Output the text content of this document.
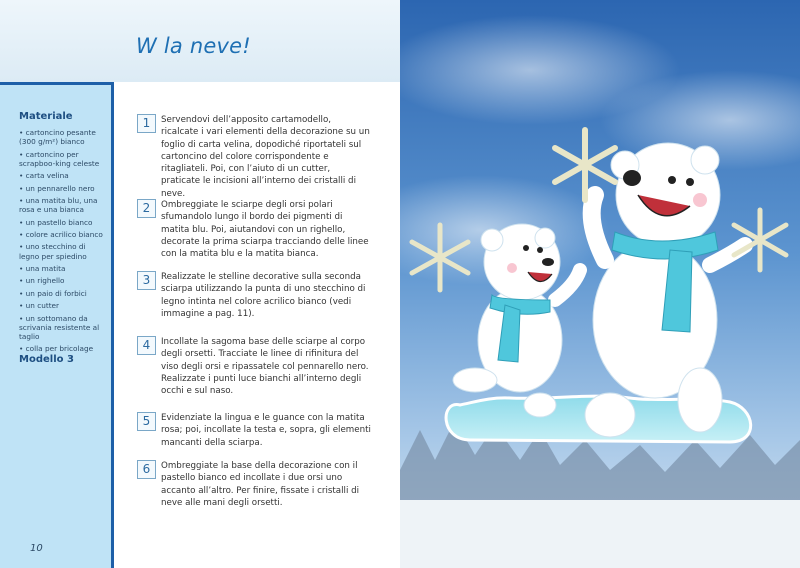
W la neve!
Materiale
• cartoncino pesante (300 g/m²) bianco
• cartoncino per scrapboo-king celeste
• carta velina
• un pennarello nero
• una matita blu, una rosa e una bianca
• un pastello bianco
• colore acrilico bianco
• uno stecchino di legno per spiedino
• una matita
• un righello
• un paio di forbici
• un cutter
• un sottomano da scrivania resistente al taglio
• colla per bricolage
Modello 3
10
1	Servendovi dell’apposito cartamodello, ricalcate i vari elementi della decorazione su un foglio di carta velina, dopodiché riportateli sul cartoncino del colore corrispondente e ritagliateli. Poi, con l’aiuto di un cutter, praticate le incisioni all’interno dei cristalli di neve.

2	Ombreggiate le sciarpe degli orsi polari sfumandolo lungo il bordo dei pigmenti di matita blu. Poi, aiutandovi con un righello, decorate la prima sciarpa tracciando delle linee con la matita blu e la matita bianca.

3	Realizzate le stelline decorative sulla seconda sciarpa utilizzando la punta di uno stecchino di legno intinta nel colore acrilico bianco (vedi immagine a pag. 11).

4	Incollate la sagoma base delle sciarpe al corpo degli orsetti. Tracciate le linee di rifinitura del viso degli orsi e ripassatele col pennarello nero. Realizzate i punti luce bianchi all’interno degli occhi e sul naso.

5	Evidenziate la lingua e le guance con la matita rosa; poi, incollate la testa e, sopra, gli elementi mancanti della sciarpa.

6	Ombreggiate la base della decorazione con il pastello bianco ed incollate i due orsi uno accanto all’altro. Per finire, fissate i cristalli di neve alle mani degli orsetti.
